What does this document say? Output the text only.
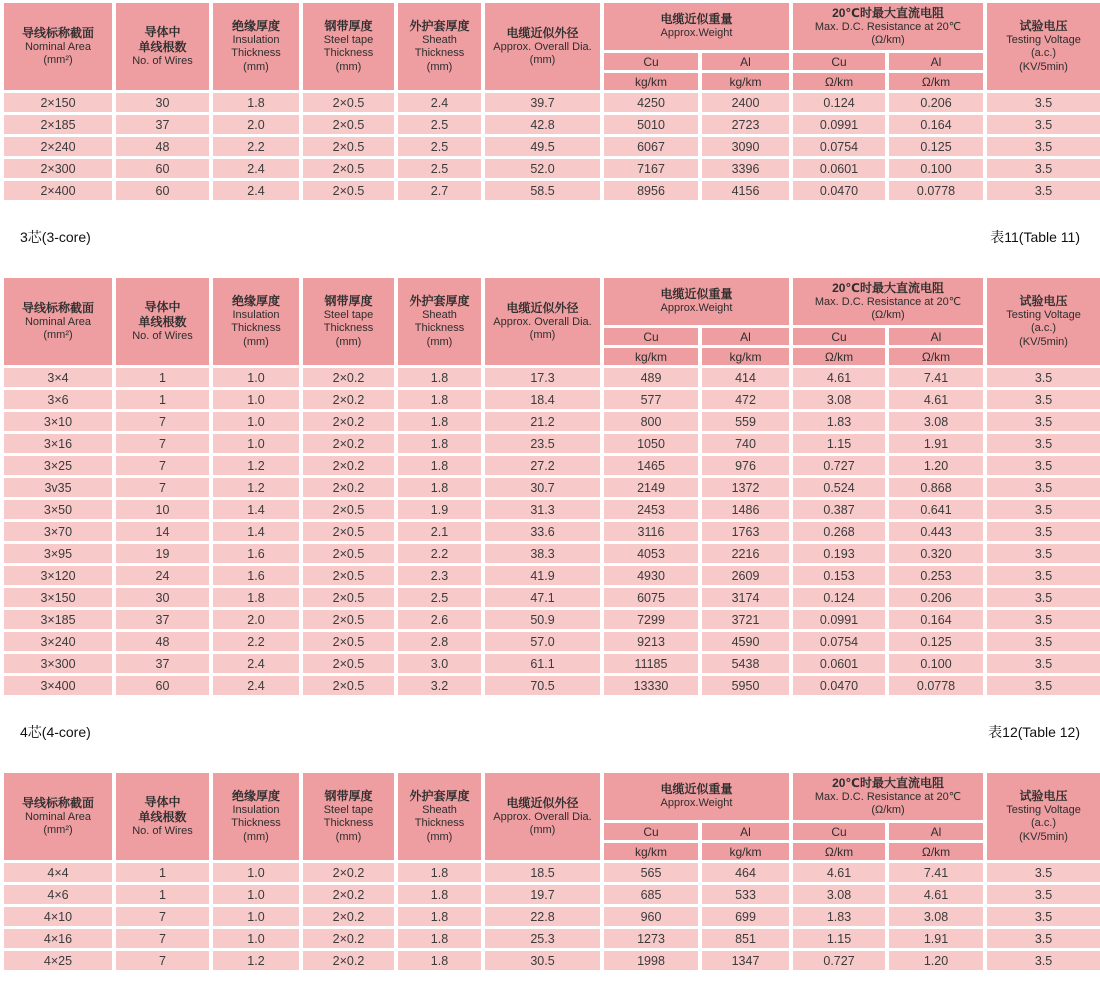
导线标称截面
Nominal Area
(mm²)

导体中
单线根数
No. of Wires

绝缘厚度
Insulation
Thickness
(mm)

钢带厚度
Steel tape
Thickness
(mm)

外护套厚度
Sheath
Thickness
(mm)

电缆近似外径
Approx. Overall Dia.
(mm)

电缆近似重量
Approx.Weight

20℃时最大直流电阻
Max. D.C. Resistance at 20℃
(Ω/km)

试验电压
Testing Voltage
(a.c.)
(KV/5min)

						Cu	Al	Cu	Al	
						kg/km	kg/km	Ω/km	Ω/km	
2×150	30	1.8	2×0.5	2.4	39.7	4250	2400	0.124	0.206	3.5
2×185	37	2.0	2×0.5	2.5	42.8	5010	2723	0.0991	0.164	3.5
2×240	48	2.2	2×0.5	2.5	49.5	6067	3090	0.0754	0.125	3.5
2×300	60	2.4	2×0.5	2.5	52.0	7167	3396	0.0601	0.100	3.5
2×400	60	2.4	2×0.5	2.7	58.5	8956	4156	0.0470	0.0778	3.5
3芯(3-core)	表11(Table 11)
导线标称截面
Nominal Area
(mm²)

导体中
单线根数
No. of Wires

绝缘厚度
Insulation
Thickness
(mm)

钢带厚度
Steel tape
Thickness
(mm)

外护套厚度
Sheath
Thickness
(mm)

电缆近似外径
Approx. Overall Dia.
(mm)

电缆近似重量
Approx.Weight

20℃时最大直流电阻
Max. D.C. Resistance at 20℃
(Ω/km)

试验电压
Testing Voltage
(a.c.)
(KV/5min)

						Cu	Al	Cu	Al	
						kg/km	kg/km	Ω/km	Ω/km	
3×4	1	1.0	2×0.2	1.8	17.3	489	414	4.61	7.41	3.5
3×6	1	1.0	2×0.2	1.8	18.4	577	472	3.08	4.61	3.5
3×10	7	1.0	2×0.2	1.8	21.2	800	559	1.83	3.08	3.5
3×16	7	1.0	2×0.2	1.8	23.5	1050	740	1.15	1.91	3.5
3×25	7	1.2	2×0.2	1.8	27.2	1465	976	0.727	1.20	3.5
3v35	7	1.2	2×0.2	1.8	30.7	2149	1372	0.524	0.868	3.5
3×50	10	1.4	2×0.5	1.9	31.3	2453	1486	0.387	0.641	3.5
3×70	14	1.4	2×0.5	2.1	33.6	3116	1763	0.268	0.443	3.5
3×95	19	1.6	2×0.5	2.2	38.3	4053	2216	0.193	0.320	3.5
3×120	24	1.6	2×0.5	2.3	41.9	4930	2609	0.153	0.253	3.5
3×150	30	1.8	2×0.5	2.5	47.1	6075	3174	0.124	0.206	3.5
3×185	37	2.0	2×0.5	2.6	50.9	7299	3721	0.0991	0.164	3.5
3×240	48	2.2	2×0.5	2.8	57.0	9213	4590	0.0754	0.125	3.5
3×300	37	2.4	2×0.5	3.0	61.1	11185	5438	0.0601	0.100	3.5
3×400	60	2.4	2×0.5	3.2	70.5	13330	5950	0.0470	0.0778	3.5
4芯(4-core)	表12(Table 12)
导线标称截面
Nominal Area
(mm²)

导体中
单线根数
No. of Wires

绝缘厚度
Insulation
Thickness
(mm)

钢带厚度
Steel tape
Thickness
(mm)

外护套厚度
Sheath
Thickness
(mm)

电缆近似外径
Approx. Overall Dia.
(mm)

电缆近似重量
Approx.Weight

20℃时最大直流电阻
Max. D.C. Resistance at 20℃
(Ω/km)

试验电压
Testing Voltage
(a.c.)
(KV/5min)

						Cu	Al	Cu	Al	
						kg/km	kg/km	Ω/km	Ω/km	
4×4	1	1.0	2×0.2	1.8	18.5	565	464	4.61	7.41	3.5
4×6	1	1.0	2×0.2	1.8	19.7	685	533	3.08	4.61	3.5
4×10	7	1.0	2×0.2	1.8	22.8	960	699	1.83	3.08	3.5
4×16	7	1.0	2×0.2	1.8	25.3	1273	851	1.15	1.91	3.5
4×25	7	1.2	2×0.2	1.8	30.5	1998	1347	0.727	1.20	3.5
